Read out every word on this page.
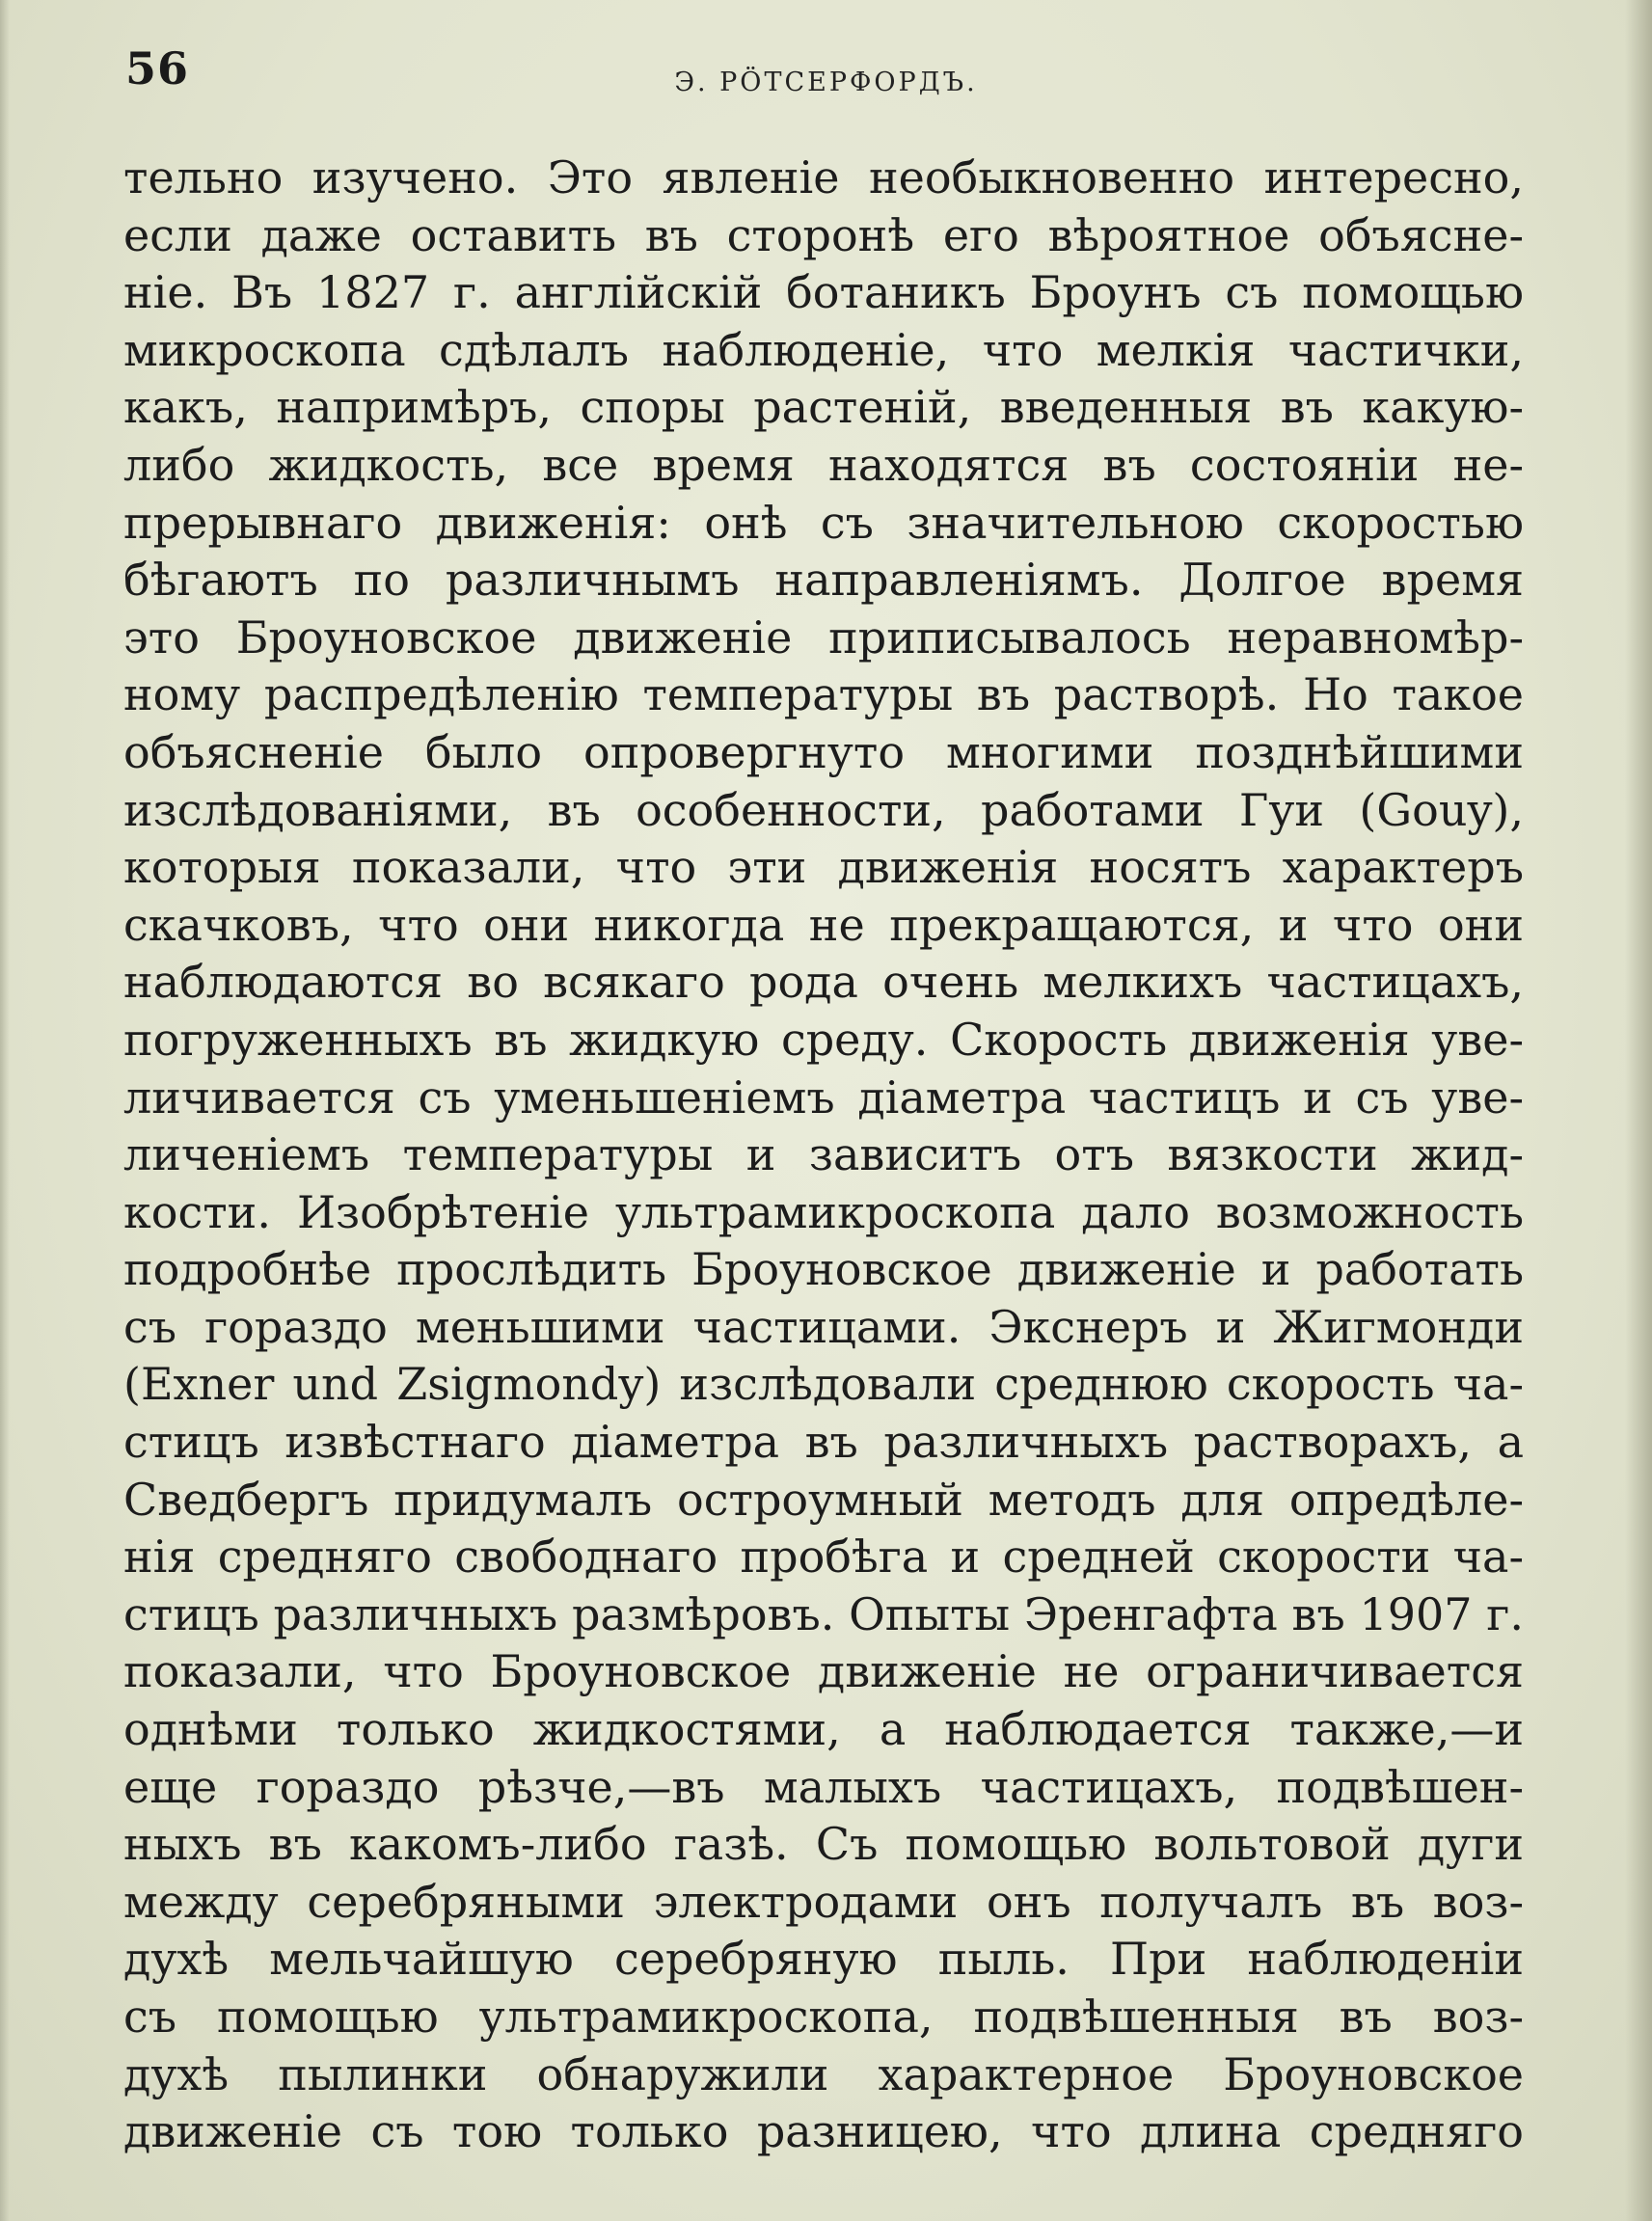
56	Э. РӦТСЕРФОРДЪ.
тельно изучено. Это явленіе необыкновенно интересно,
если даже оставить въ сторонѣ его вѣроятное объясне-
ніе. Въ 1827 г. англійскій ботаникъ Броунъ съ помощью
микроскопа сдѣлалъ наблюденіе, что мелкія частички,
какъ, напримѣръ, споры растеній, введенныя въ какую-
либо жидкость, все время находятся въ состояніи не-
прерывнаго движенія: онѣ съ значительною скоростью
бѣгаютъ по различнымъ направленіямъ. Долгое время
это Броуновское движеніе приписывалось неравномѣр-
ному распредѣленію температуры въ растворѣ. Но такое
объясненіе было опровергнуто многими позднѣйшими
изслѣдованіями, въ особенности, работами Гуи (Gouy),
которыя показали, что эти движенія носятъ характеръ
скачковъ, что они никогда не прекращаются, и что они
наблюдаются во всякаго рода очень мелкихъ частицахъ,
погруженныхъ въ жидкую среду. Скорость движенія уве-
личивается съ уменьшеніемъ діаметра частицъ и съ уве-
личеніемъ температуры и зависитъ отъ вязкости жид-
кости. Изобрѣтеніе ультрамикроскопа дало возможность
подробнѣе прослѣдить Броуновское движеніе и работать
съ гораздо меньшими частицами. Экснеръ и Жигмонди
(Exner und Zsigmondy) изслѣдовали среднюю скорость ча-
стицъ извѣстнаго діаметра въ различныхъ растворахъ, а
Сведбергъ придумалъ остроумный методъ для опредѣле-
нія средняго свободнаго пробѣга и средней скорости ча-
стицъ различныхъ размѣровъ. Опыты Эренгафта въ 1907 г.
показали, что Броуновское движеніе не ограничивается
однѣми только жидкостями, а наблюдается также,—и
еще гораздо рѣзче,—въ малыхъ частицахъ, подвѣшен-
ныхъ въ какомъ-либо газѣ. Съ помощью вольтовой дуги
между серебряными электродами онъ получалъ въ воз-
духѣ мельчайшую серебряную пыль. При наблюденіи
съ помощью ультрамикроскопа, подвѣшенныя въ воз-
духѣ пылинки обнаружили характерное Броуновское
движеніе съ тою только разницею, что длина средняго
